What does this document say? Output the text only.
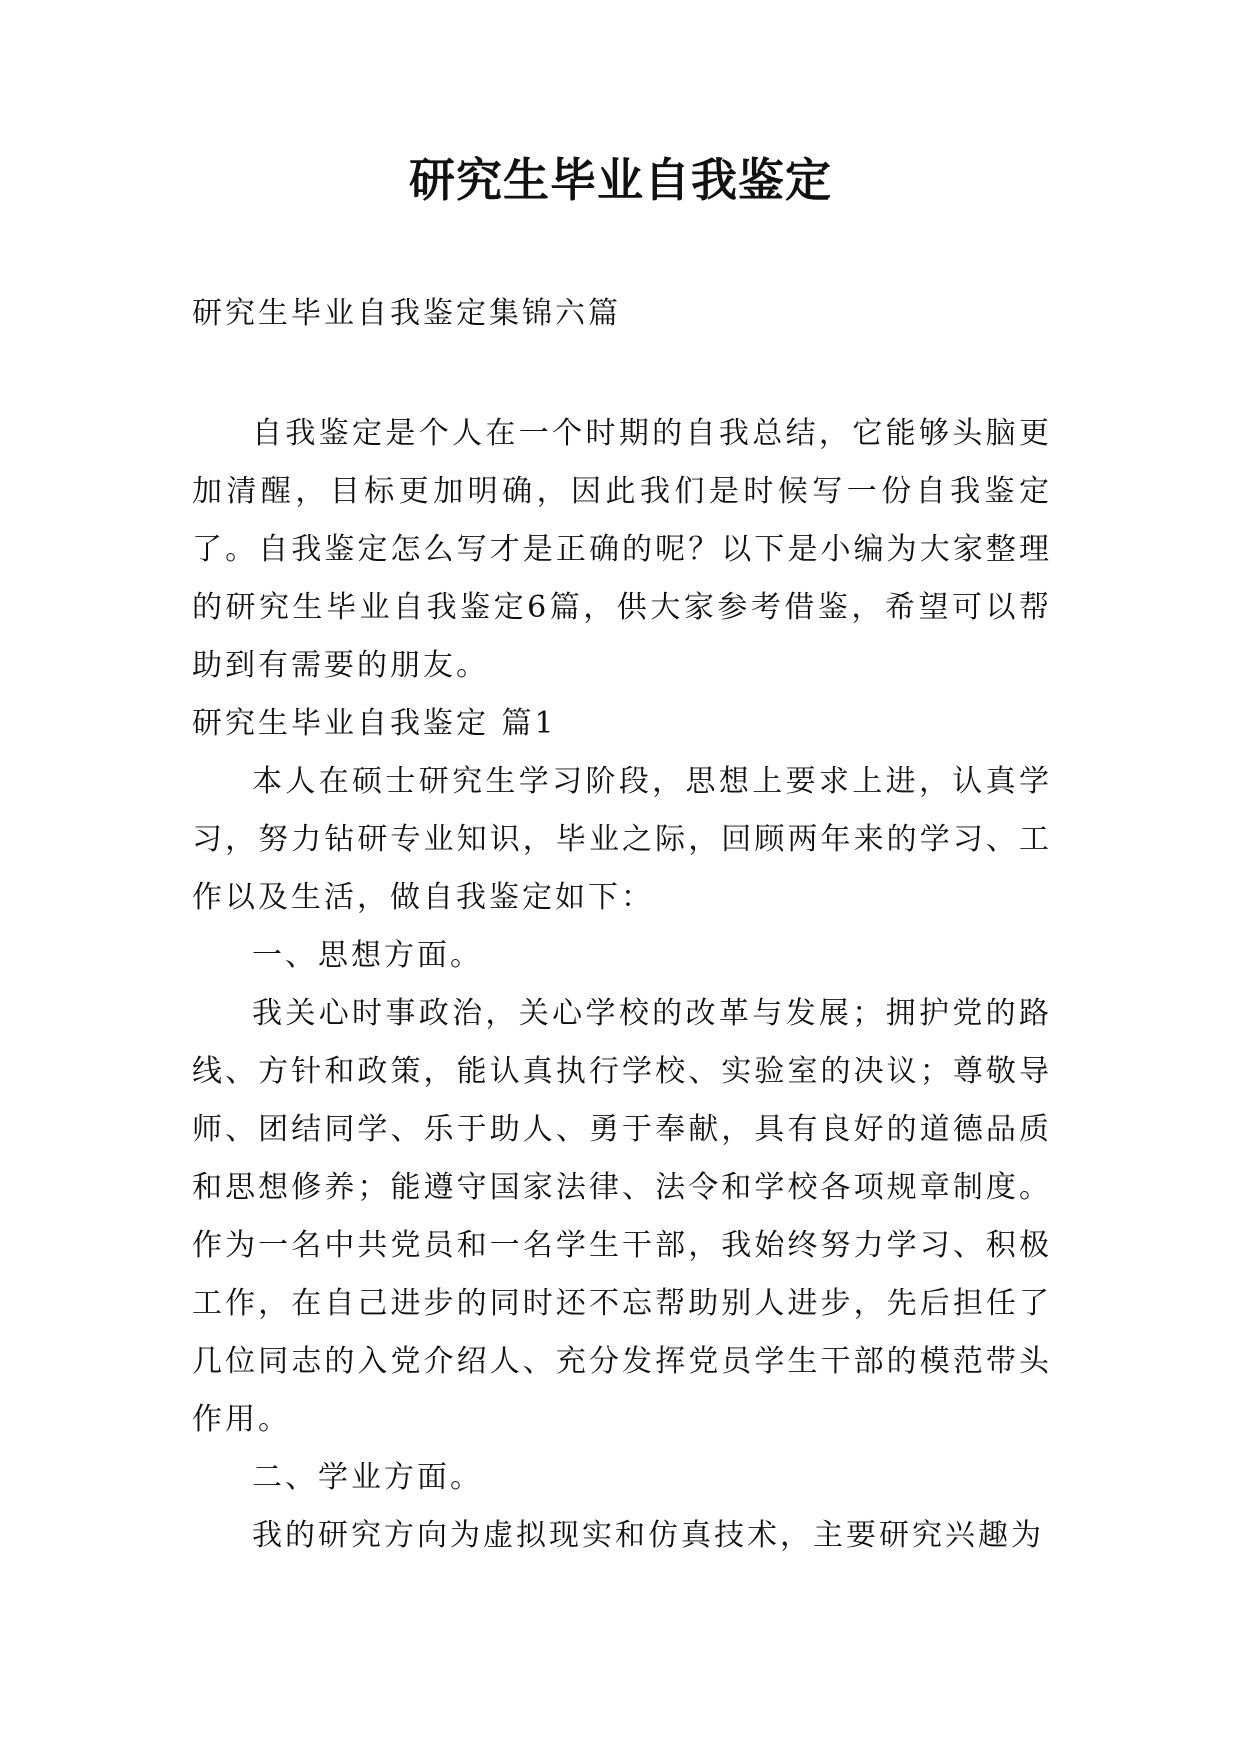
研究生毕业自我鉴定
研究生毕业自我鉴定集锦六篇

自我鉴定是个人在一个时期的自我总结，它能够头脑更加清醒，目标更加明确，因此我们是时候写一份自我鉴定了。自我鉴定怎么写才是正确的呢？以下是小编为大家整理的研究生毕业自我鉴定6篇，供大家参考借鉴，希望可以帮助到有需要的朋友。

研究生毕业自我鉴定 篇1

本人在硕士研究生学习阶段，思想上要求上进，认真学习，努力钻研专业知识，毕业之际，回顾两年来的学习、工作以及生活，做自我鉴定如下：

一、思想方面。

我关心时事政治，关心学校的改革与发展；拥护党的路线、方针和政策，能认真执行学校、实验室的决议；尊敬导师、团结同学、乐于助人、勇于奉献，具有良好的道德品质和思想修养；能遵守国家法律、法令和学校各项规章制度。作为一名中共党员和一名学生干部，我始终努力学习、积极工作，在自己进步的同时还不忘帮助别人进步，先后担任了几位同志的入党介绍人、充分发挥党员学生干部的模范带头作用。

二、学业方面。

我的研究方向为虚拟现实和仿真技术，主要研究兴趣为
